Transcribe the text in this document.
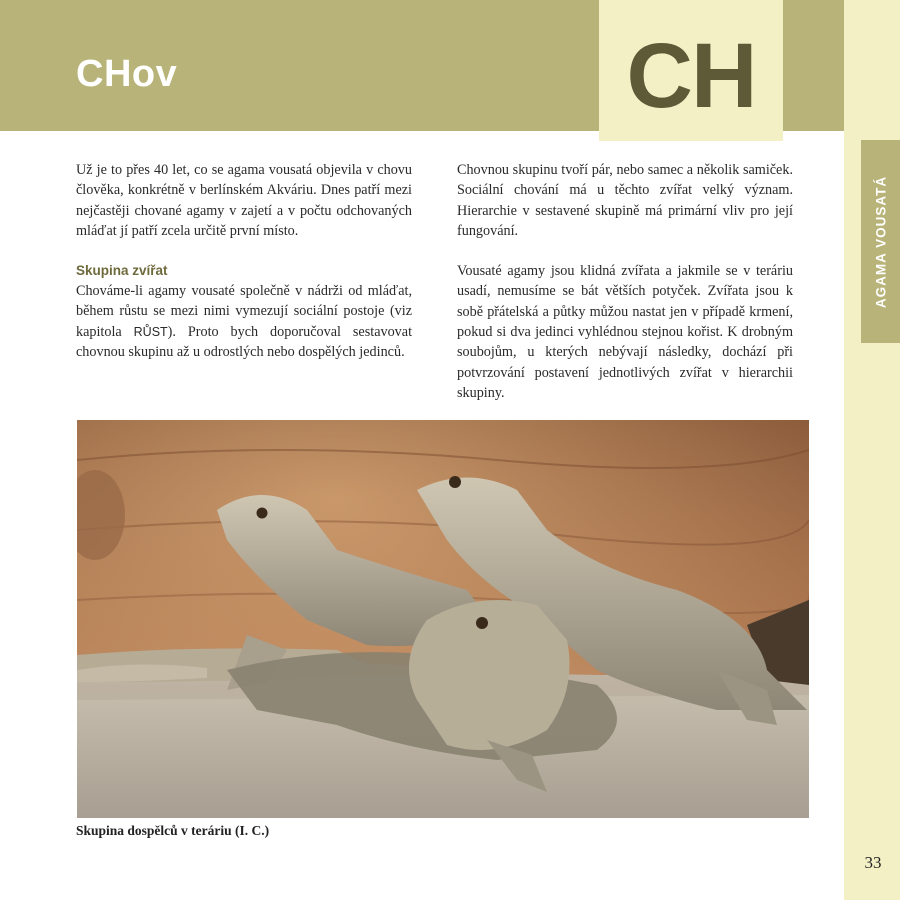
CHov	CH
AGAMA VOUSATÁ

Už je to přes 40 let, co se agama vousatá objevila v chovu člověka, konkrétně v berlínském Akváriu. Dnes patří mezi nejčastěji chované agamy v zajetí a v počtu odchovaných mláďat jí patří zcela určitě první místo.

Skupina zvířat

Chováme-li agamy vousaté společně v nádrži od mláďat, během růstu se mezi nimi vymezují sociální postoje (viz kapitola RŮST). Proto bych doporučoval sestavovat chovnou skupinu až u odrostlých nebo dospělých jedinců.

Chovnou skupinu tvoří pár, nebo samec a několik samiček. Sociální chování má u těchto zvířat velký význam. Hierarchie v sestavené skupině má primární vliv pro její fungování.

Vousaté agamy jsou klidná zvířata a jakmile se v teráriu usadí, nemusíme se bát větších potyček. Zvířata jsou k sobě přátelská a půtky můžou nastat jen v případě krmení, pokud si dva jedinci vyhlédnou stejnou kořist. K drobným soubojům, u kterých nebývají následky, dochází při potvrzování postavení jednotlivých zvířat v hierarchii skupiny.

Skupina dospělců v teráriu (I. C.)
33
